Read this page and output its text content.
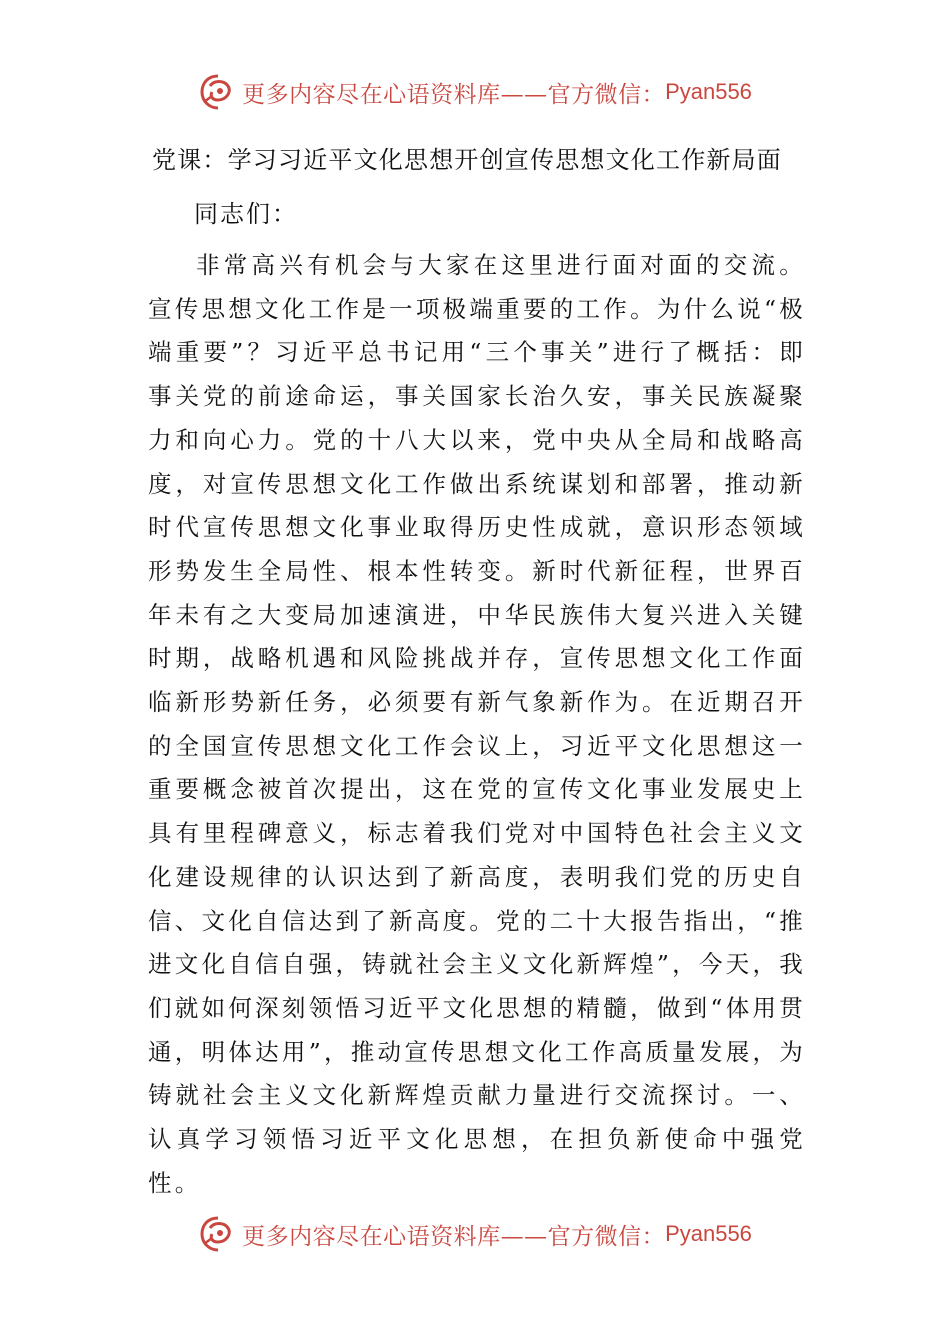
更多内容尽在心语资料库——官方微信： Pyan556
党课：学习习近平文化思想开创宣传思想文化工作新局面
同志们：

非常高兴有机会与大家在这里进行面对面的交流。宣传思想文化工作是一项极端重要的工作。为什么说“极端重要”？习近平总书记用“三个事关”进行了概括：即事关党的前途命运，事关国家长治久安，事关民族凝聚力和向心力。党的十八大以来，党中央从全局和战略高度，对宣传思想文化工作做出系统谋划和部署，推动新时代宣传思想文化事业取得历史性成就，意识形态领域形势发生全局性、根本性转变。新时代新征程，世界百年未有之大变局加速演进，中华民族伟大复兴进入关键时期，战略机遇和风险挑战并存，宣传思想文化工作面临新形势新任务，必须要有新气象新作为。在近期召开的全国宣传思想文化工作会议上，习近平文化思想这一重要概念被首次提出，这在党的宣传文化事业发展史上具有里程碑意义，标志着我们党对中国特色社会主义文化建设规律的认识达到了新高度，表明我们党的历史自信、文化自信达到了新高度。党的二十大报告指出，“推进文化自信自强，铸就社会主义文化新辉煌”，今天，我们就如何深刻领悟习近平文化思想的精髓，做到“体用贯通，明体达用”，推动宣传思想文化工作高质量发展，为铸就社会主义文化新辉煌贡献力量进行交流探讨。一、认真学习领悟习近平文化思想，在担负新使命中强党性。

更多内容尽在心语资料库——官方微信： Pyan556
